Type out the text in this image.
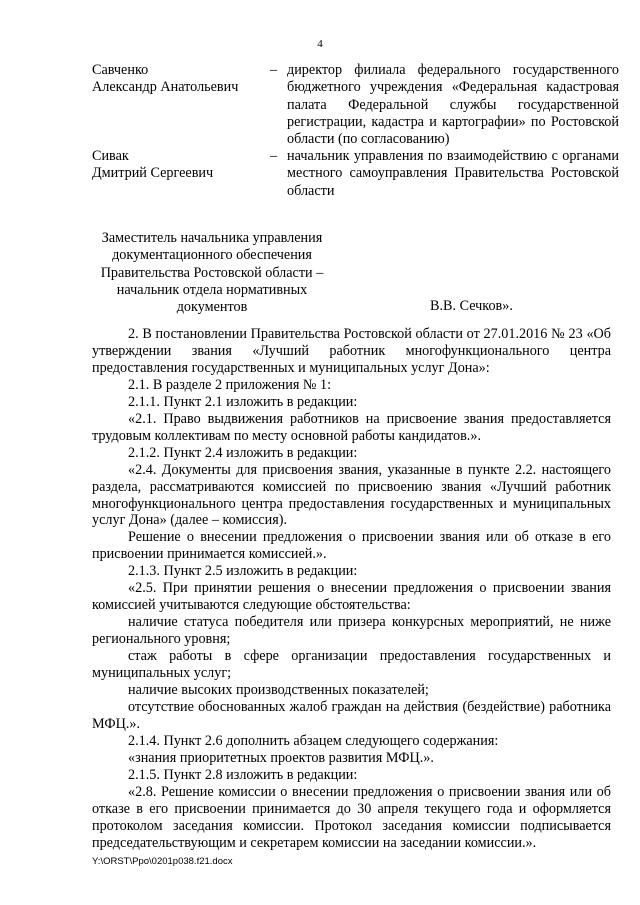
4
Савченко
Александр Анатольевич
– директор филиала федерального государственного бюджетного учреждения «Федеральная кадастровая палата Федеральной службы государственной регистрации, кадастра и картографии» по Ростовской области (по согласованию)
Сивак
Дмитрий Сергеевич
– начальник управления по взаимодействию с органами местного самоуправления Правительства Ростовской области
Заместитель начальника управления документационного обеспечения Правительства Ростовской области – начальник отдела нормативных документов	В.В. Сечков».

2. В постановлении Правительства Ростовской области от 27.01.2016 № 23 «Об утверждении звания «Лучший работник многофункционального центра предоставления государственных и муниципальных услуг Дона»:

2.1. В разделе 2 приложения № 1:

2.1.1. Пункт 2.1 изложить в редакции:

«2.1. Право выдвижения работников на присвоение звания предоставляется трудовым коллективам по месту основной работы кандидатов.».

2.1.2. Пункт 2.4 изложить в редакции:

«2.4. Документы для присвоения звания, указанные в пункте 2.2. настоящего раздела, рассматриваются комиссией по присвоению звания «Лучший работник многофункционального центра предоставления государственных и муниципальных услуг Дона» (далее – комиссия).

Решение о внесении предложения о присвоении звания или об отказе в его присвоении принимается комиссией.».

2.1.3. Пункт 2.5 изложить в редакции:

«2.5. При принятии решения о внесении предложения о присвоении звания комиссией учитываются следующие обстоятельства:

наличие статуса победителя или призера конкурсных мероприятий, не ниже регионального уровня;

стаж работы в сфере организации предоставления государственных и муниципальных услуг;

наличие высоких производственных показателей;

отсутствие обоснованных жалоб граждан на действия (бездействие) работника МФЦ.».

2.1.4. Пункт 2.6 дополнить абзацем следующего содержания:

«знания приоритетных проектов развития МФЦ.».

2.1.5. Пункт 2.8 изложить в редакции:

«2.8. Решение комиссии о внесении предложения о присвоении звания или об отказе в его присвоении принимается до 30 апреля текущего года и оформляется протоколом заседания комиссии. Протокол заседания комиссии подписывается председательствующим и секретарем комиссии на заседании комиссии.».

Y:\ORST\Ppo\0201p038.f21.docx
